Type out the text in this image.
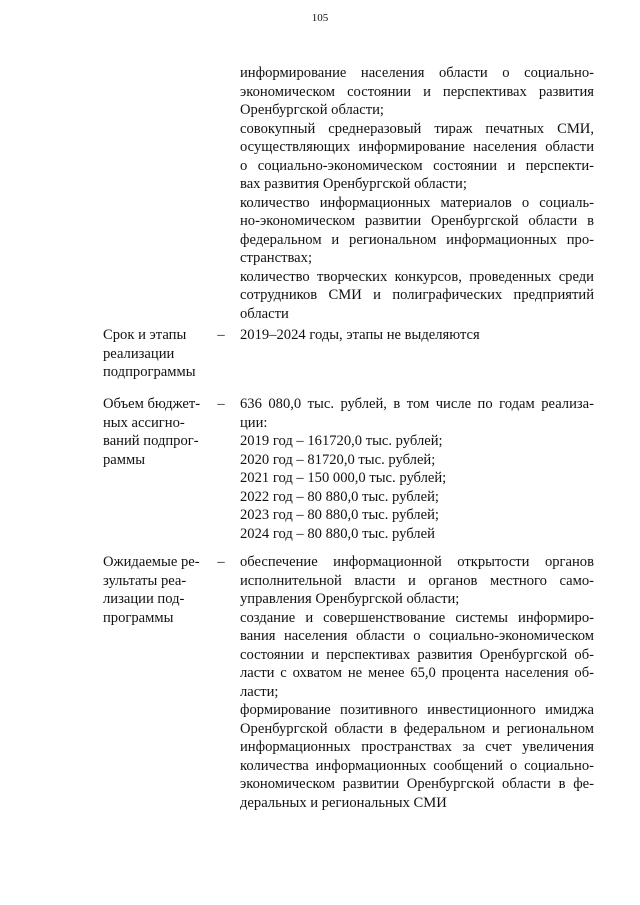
105
информирование населения области о социально-
экономическом состоянии и перспективах развития
Оренбургской области;
совокупный среднеразовый тираж печатных СМИ,
осуществляющих информирование населения области
о социально-экономическом состоянии и перспекти-
вах развития Оренбургской области;
количество информационных материалов о социаль-
но-экономическом развитии Оренбургской области в
федеральном и региональном информационных про-
странствах;
количество творческих конкурсов, проведенных среди
сотрудников СМИ и полиграфических предприятий
области
Срок и этапы
реализации
подпрограммы
– 2019–2024 годы, этапы не выделяются
Объем бюджет-
ных ассигно-
ваний подпрог-
раммы
– 636 080,0 тыс. рублей, в том числе по годам реализа-
ции:
2019 год – 161720,0 тыс. рублей;
2020 год – 81720,0 тыс. рублей;
2021 год – 150 000,0 тыс. рублей;
2022 год – 80 880,0 тыс. рублей;
2023 год – 80 880,0 тыс. рублей;
2024 год – 80 880,0 тыс. рублей
Ожидаемые ре-
зультаты реа-
лизации под-
программы
– обеспечение информационной открытости органов
исполнительной власти и органов местного само-
управления Оренбургской области;
создание и совершенствование системы информиро-
вания населения области о социально-экономическом
состоянии и перспективах развития Оренбургской об-
ласти с охватом не менее 65,0 процента населения об-
ласти;
формирование позитивного инвестиционного имиджа
Оренбургской области в федеральном и региональном
информационных пространствах за счет увеличения
количества информационных сообщений о социально-
экономическом развитии Оренбургской области в фе-
деральных и региональных СМИ
